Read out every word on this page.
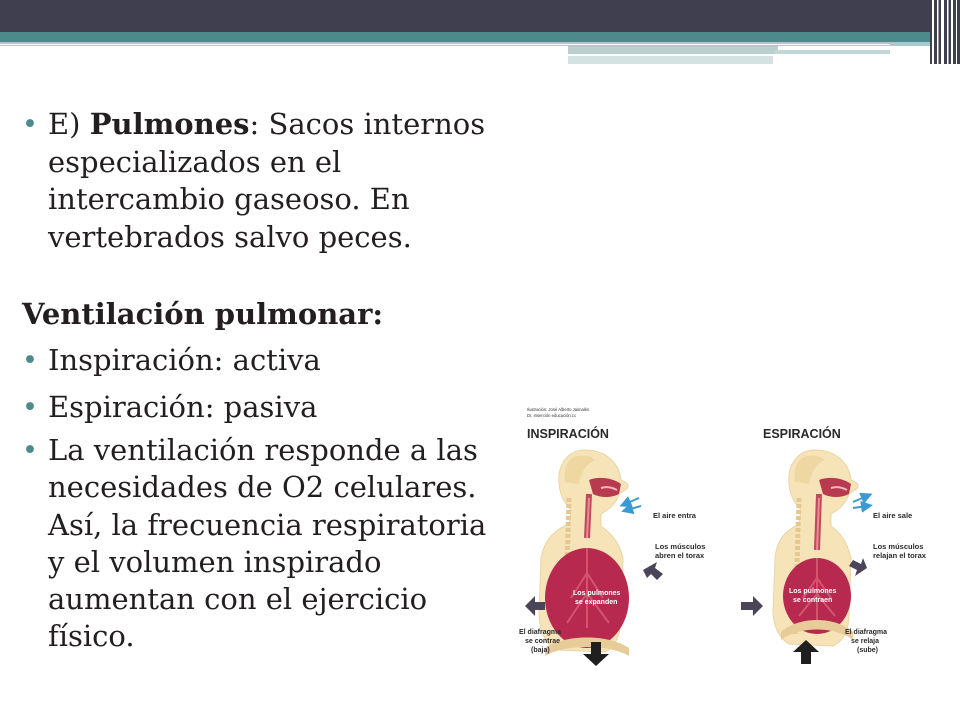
• E) Pulmones: Sacos internos especializados en el intercambio gaseoso. En vertebrados salvo peces.
Ventilación pulmonar:
• Inspiración: activa
• Espiración: pasiva
• La ventilación responde a las necesidades de O2 celulares. Así, la frecuencia respiratoria y el volumen inspirado aumentan con el ejercicio físico.
Ilustración: José Alberto Jaimalés
Dr. Inserción educación.cc
INSPIRACIÓN
El aire entra
Los músculos
abren el torax
Los pulmones
se expanden
El diafragma
se contrae
(baja)
ESPIRACIÓN
El aire sale
Los músculos
relajan el torax
Los pulmones
se contraen
El diafragma
se relaja
(sube)
